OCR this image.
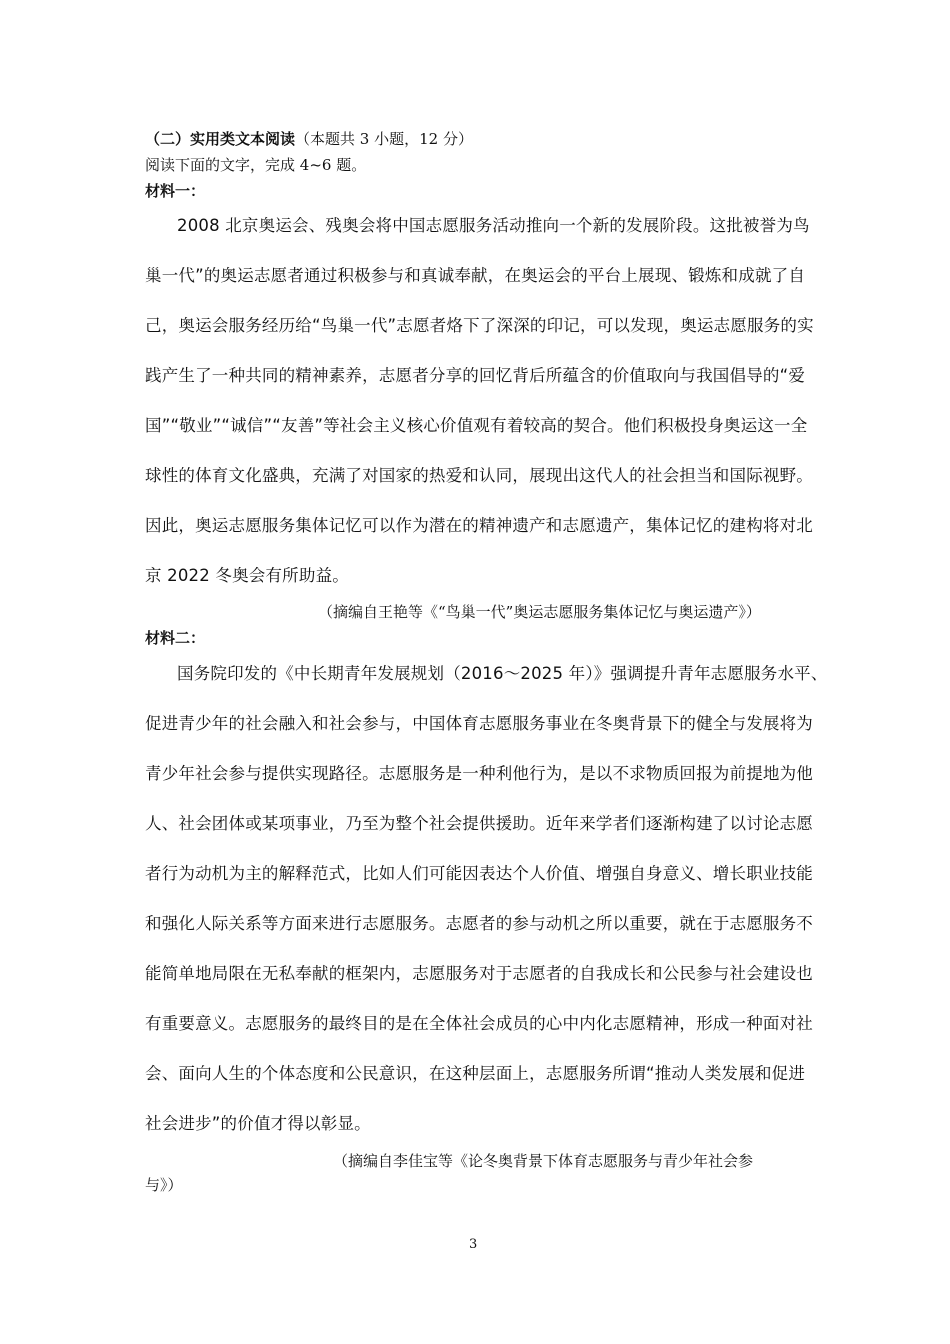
（二）实用类文本阅读（本题共 3 小题，12 分）
阅读下面的文字，完成 4~6 题。
材料一：
2008 北京奥运会、残奥会将中国志愿服务活动推向一个新的发展阶段。这批被誉为鸟
巢一代”的奥运志愿者通过积极参与和真诚奉献，在奥运会的平台上展现、锻炼和成就了自
己，奥运会服务经历给“鸟巢一代”志愿者烙下了深深的印记，可以发现，奥运志愿服务的实
践产生了一种共同的精神素养，志愿者分享的回忆背后所蕴含的价值取向与我国倡导的“爱
国”“敬业”“诚信”“友善”等社会主义核心价值观有着较高的契合。他们积极投身奥运这一全
球性的体育文化盛典，充满了对国家的热爱和认同，展现出这代人的社会担当和国际视野。
因此，奥运志愿服务集体记忆可以作为潜在的精神遗产和志愿遗产，集体记忆的建构将对北
京 2022 冬奥会有所助益。
（摘编自王艳等《“鸟巢一代”奥运志愿服务集体记忆与奥运遗产》）
材料二：
国务院印发的《中长期青年发展规划（2016～2025 年）》强调提升青年志愿服务水平、
促进青少年的社会融入和社会参与，中国体育志愿服务事业在冬奥背景下的健全与发展将为
青少年社会参与提供实现路径。志愿服务是一种利他行为，是以不求物质回报为前提地为他
人、社会团体或某项事业，乃至为整个社会提供援助。近年来学者们逐渐构建了以讨论志愿
者行为动机为主的解释范式，比如人们可能因表达个人价值、增强自身意义、增长职业技能
和强化人际关系等方面来进行志愿服务。志愿者的参与动机之所以重要，就在于志愿服务不
能简单地局限在无私奉献的框架内，志愿服务对于志愿者的自我成长和公民参与社会建设也
有重要意义。志愿服务的最终目的是在全体社会成员的心中内化志愿精神，形成一种面对社
会、面向人生的个体态度和公民意识，在这种层面上，志愿服务所谓“推动人类发展和促进
社会进步”的价值才得以彰显。
（摘编自李佳宝等《论冬奥背景下体育志愿服务与青少年社会参
与》）
3
